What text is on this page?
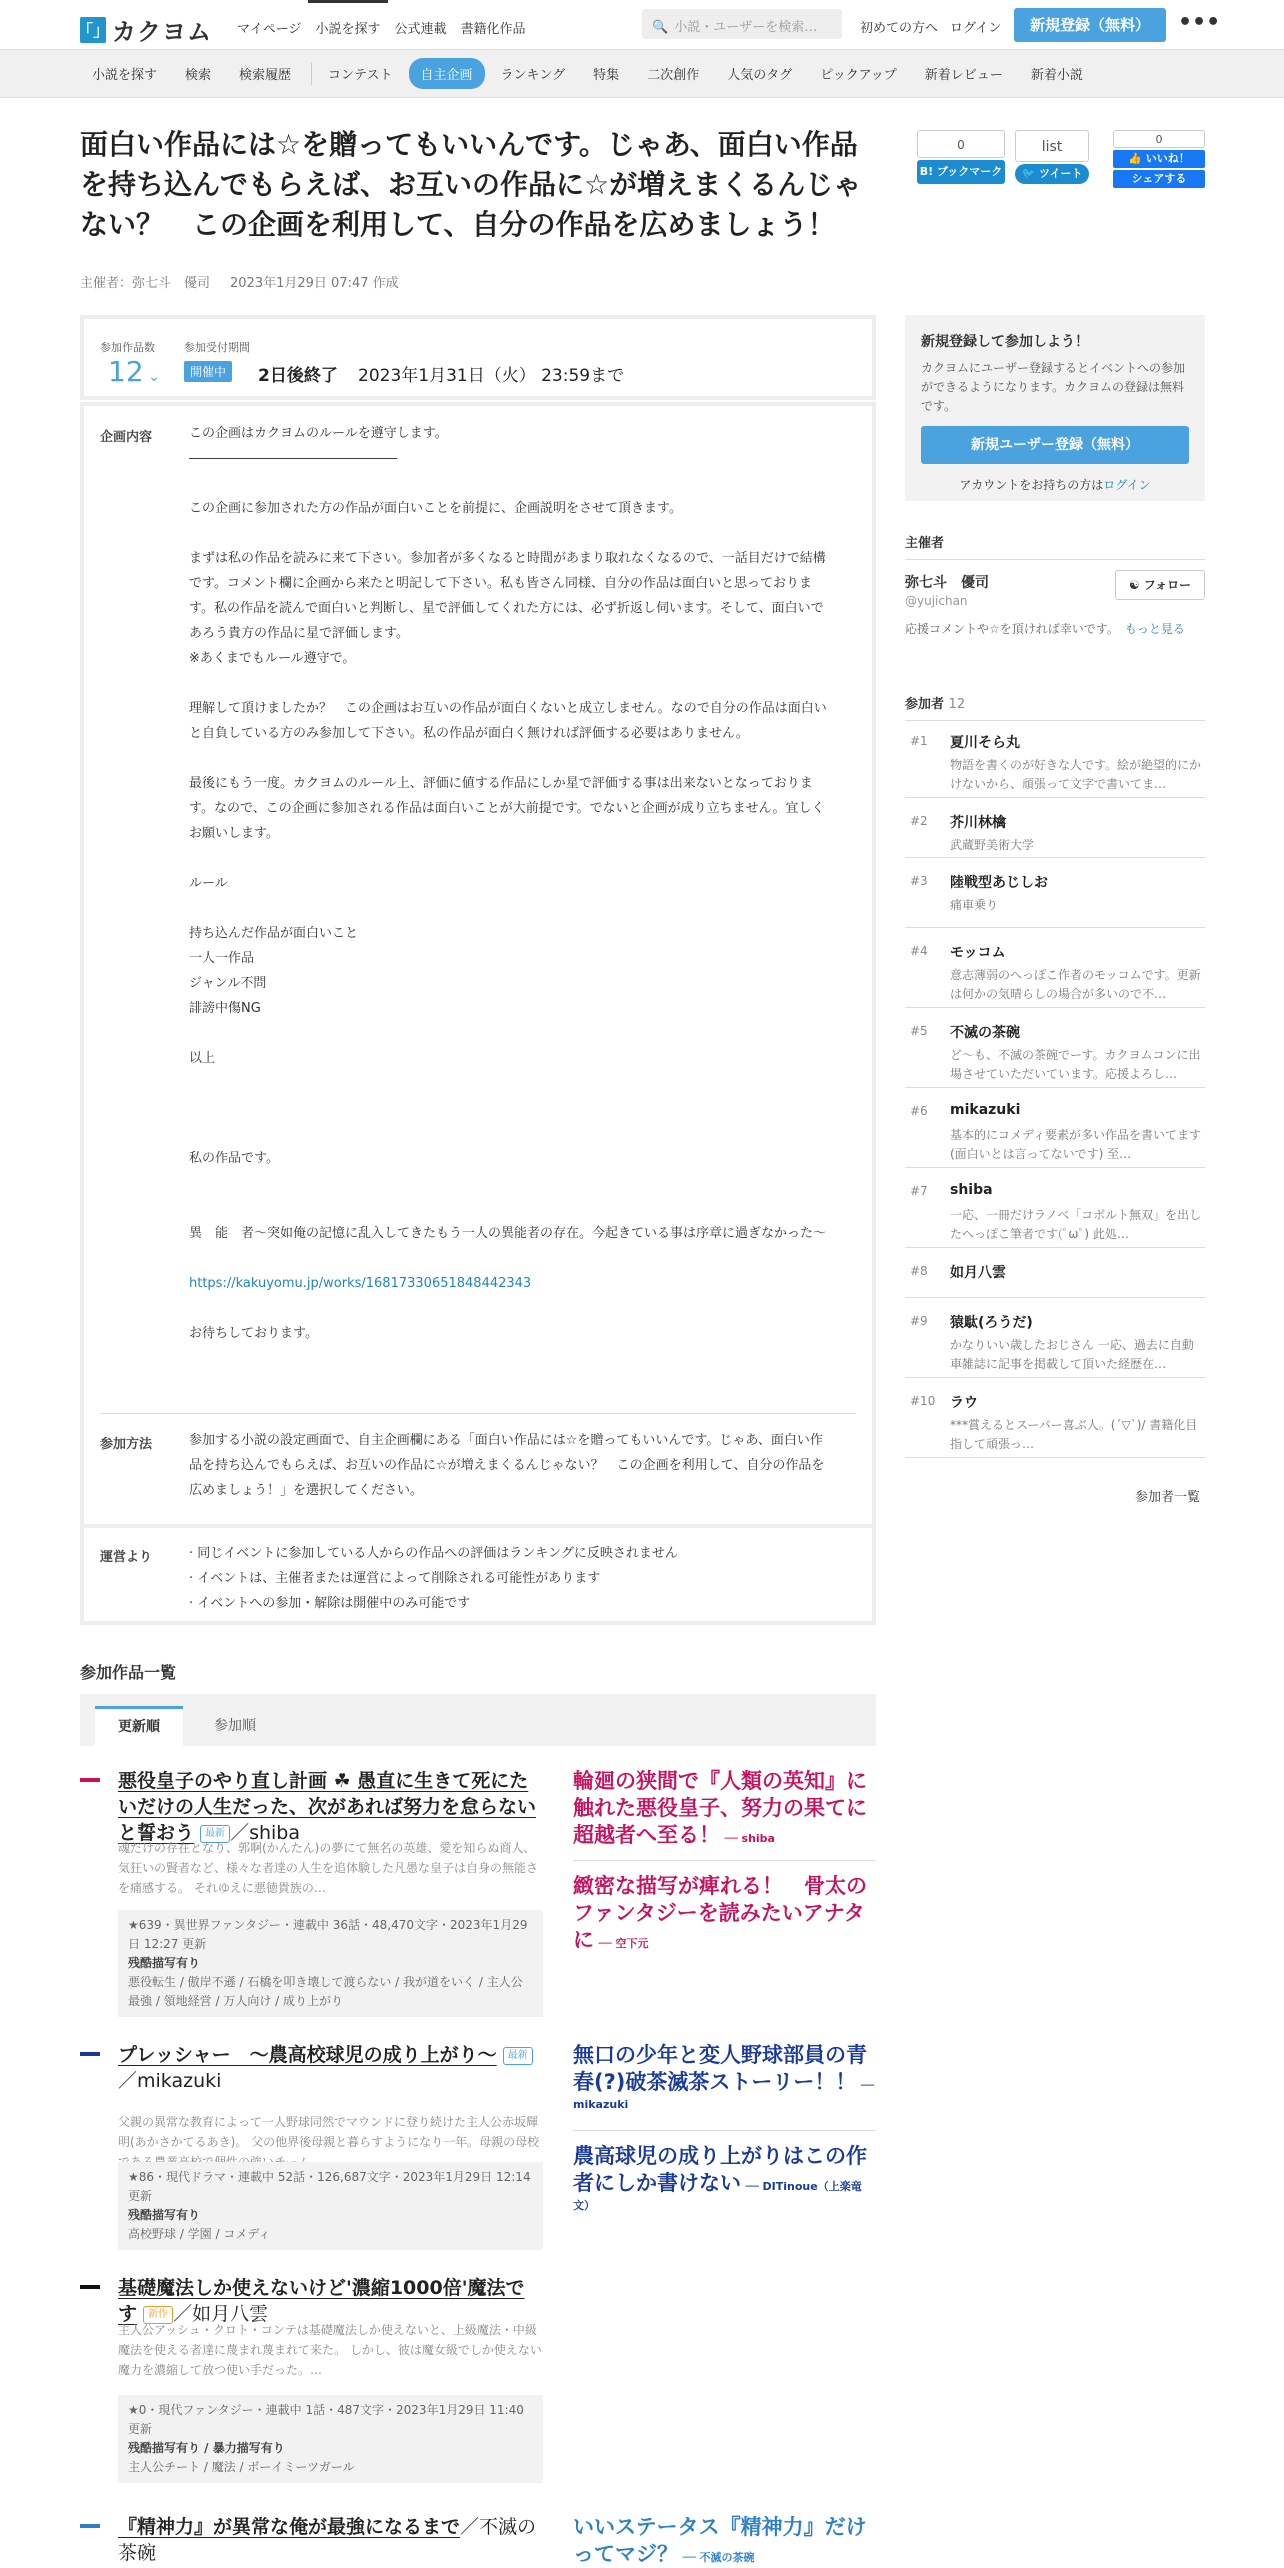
「」 カクヨム	マイページ	小説を探す	公式連載	書籍化作品	🔍 小説・ユーザーを検索…	初めての方へ ログイン	新規登録（無料）	•••
小説を探す	検索	検索履歴	コンテスト	自主企画	ランキング	特集	二次創作	人気のタグ	ピックアップ	新着レビュー	新着小説
面白い作品には☆を贈ってもいいんです。じゃあ、面白い作品を持ち込んでもらえば、お互いの作品に☆が増えまくるんじゃない？　この企画を利用して、自分の作品を広めましょう！
主催者：弥七斗　優司 2023年1月29日 07:47 作成
0
B! ブックマーク
list
🐦 ツイート
0
👍 いいね！
シェアする
参加作品数
12 ⌄
参加受付期間
開催中	2日後終了 2023年1月31日（火） 23:59まで
企画内容	この企画はカクヨムのルールを遵守します。

――――――――――――――――

この企画に参加された方の作品が面白いことを前提に、企画説明をさせて頂きます。

まずは私の作品を読みに来て下さい。参加者が多くなると時間があまり取れなくなるので、一話目だけで結構です。コメント欄に企画から来たと明記して下さい。私も皆さん同様、自分の作品は面白いと思っております。私の作品を読んで面白いと判断し、星で評価してくれた方には、必ず折返し伺います。そして、面白いであろう貴方の作品に星で評価します。

※あくまでもルール遵守で。

理解して頂けましたか？　この企画はお互いの作品が面白くないと成立しません。なので自分の作品は面白いと自負している方のみ参加して下さい。私の作品が面白く無ければ評価する必要はありません。

最後にもう一度。カクヨムのルール上、評価に値する作品にしか星で評価する事は出来ないとなっております。なので、この企画に参加される作品は面白いことが大前提です。でないと企画が成り立ちません。宜しくお願いします。

ルール

持ち込んだ作品が面白いこと

一人一作品

ジャンル不問

誹謗中傷NG

以上

私の作品です。

異　能　者〜突如俺の記憶に乱入してきたもう一人の異能者の存在。今起きている事は序章に過ぎなかった〜

https://kakuyomu.jp/works/16817330651848442343

お待ちしております。

参加方法	参加する小説の設定画面で、自主企画欄にある「面白い作品には☆を贈ってもいいんです。じゃあ、面白い作品を持ち込んでもらえば、お互いの作品に☆が増えまくるんじゃない？　この企画を利用して、自分の作品を広めましょう！」を選択してください。
運営より	· 同じイベントに参加している人からの作品への評価はランキングに反映されません

· イベントは、主催者または運営によって削除される可能性があります

· イベントへの参加・解除は開催中のみ可能です

新規登録して参加しよう！
カクヨムにユーザー登録するとイベントへの参加ができるようになります。カクヨムの登録は無料です。
新規ユーザー登録（無料）
アカウントをお持ちの方はログイン
主催者
弥七斗　優司
@yujichan
☯ フォロー
応援コメントや☆を頂ければ幸いです。　 もっと見る
参加者 12
#1 夏川そら丸
物語を書くのが好きな人です。絵が絶望的にかけないから、頑張って文字で書いてま…
#2 芥川林檎
武蔵野美術大学
#3 陸戦型あじしお
痛車乗り
#4 モッコム
意志薄弱のへっぽこ作者のモッコムです。更新は何かの気晴らしの場合が多いので不…
#5 不滅の茶碗
ど〜も、不滅の茶碗でーす。カクヨムコンに出場させていただいています。応援よろし…
#6 mikazuki
基本的にコメディ要素が多い作品を書いてます(面白いとは言ってないです) 至…
#7 shiba
一応、一冊だけラノベ「コボルト無双」を出したへっぽこ筆者です(ﾟωﾟ) 此処…
#8 如月八雲
#9 猿駄(ろうだ)
かなりいい歳したおじさん 一応、過去に自動車雑誌に記事を掲載して頂いた経歴在…
#10 ラウ
***賞えるとスーパー喜ぶ人。(´▽`)/ 書籍化目指して頑張っ…
参加者一覧
参加作品一覧
更新順	参加順
悪役皇子のやり直し計画 ☘ 愚直に生きて死にたいだけの人生だった、次があれば努力を怠らないと誓おう 最新 ／shiba
魂だけの存在となり、郭啊(かんたん)の夢にて無名の英雄、愛を知らぬ商人、気狂いの賢者など、様々な者達の人生を追体験した凡愚な皇子は自身の無能さを痛感する。 それゆえに悪徳貴族の…
★639・異世界ファンタジー・連載中 36話・48,470文字・2023年1月29日 12:27 更新
残酷描写有り
悪役転生 / 傲岸不遜 / 石橋を叩き壊して渡らない / 我が道をいく / 主人公最強 / 領地経営 / 万人向け / 成り上がり
輪廻の狭間で『人類の英知』に触れた悪役皇子、努力の果てに超越者へ至る！ ── shiba
緻密な描写が痺れる！　骨太のファンタジーを読みたいアナタに ── 空下元
プレッシャー　〜農高校球児の成り上がり〜 最新／mikazuki
父親の異常な教育によって一人野球同然でマウンドに登り続けた主人公赤坂輝明(あかさかてるあき)。 父の他界後母親と暮らすようになり一年。母親の母校
★86・現代ドラマ・連載中 52話・126,687文字・2023年1月29日 12:14 更新
残酷描写有り
高校野球 / 学園 / コメディ
無口の少年と変人野球部員の青春(?)破茶滅茶ストーリー！！ ── mikazuki
農高球児の成り上がりはこの作者にしか書けない ── DITinoue（上楽竜文）
基礎魔法しか使えないけど'濃縮1000倍'魔法です 新作 ／如月八雲
主人公アッシュ・クロト・コンテは基礎魔法しか使えないと、上級魔法・中級魔法を使える者達に蔑まれ蔑まれて来た。 しかし、彼は魔女級でしか使えない魔力を濃縮して放つ使い手だった。…
★0・現代ファンタジー・連載中 1話・487文字・2023年1月29日 11:40 更新
残酷描写有り / 暴力描写有り
主人公チート / 魔法 / ボーイミーツガール
『精神力』が異常な俺が最強になるまで／不滅の茶碗
いいステータス『精神力』だけってマジ？ ── 不滅の茶碗
